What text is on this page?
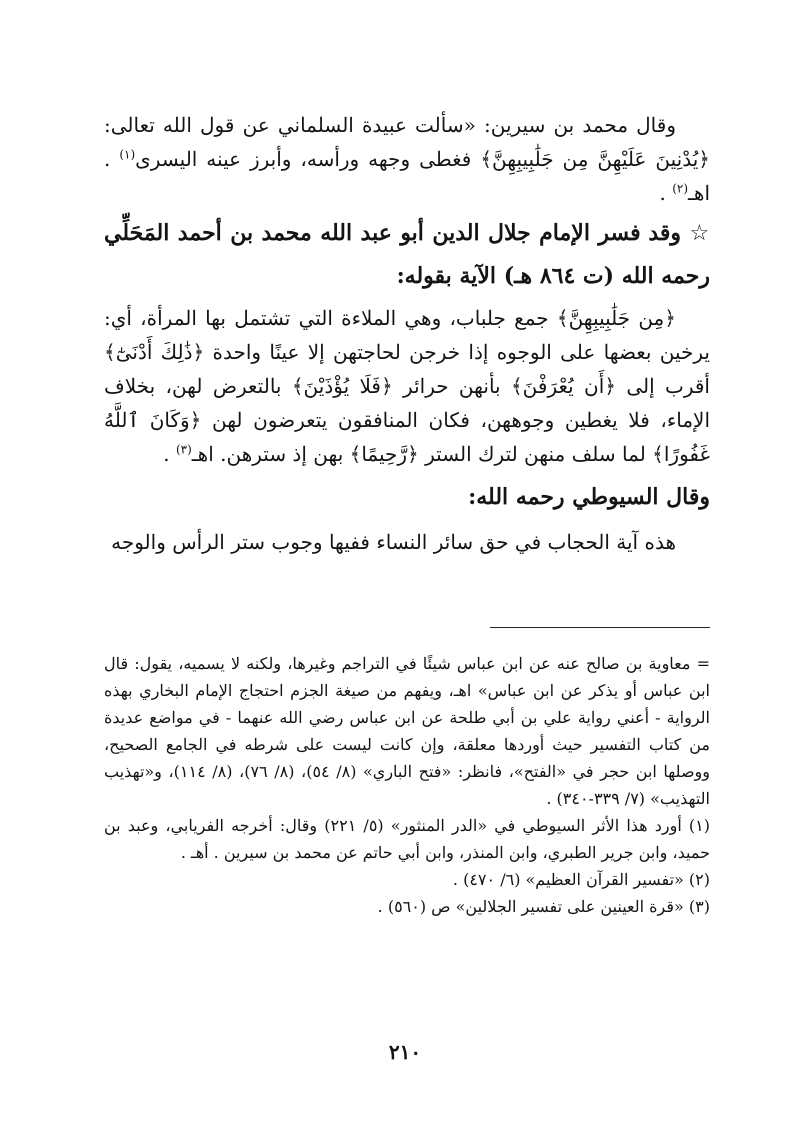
وقال محمد بن سيرين: «سألت عبيدة السلماني عن قول الله تعالى: ﴿يُدْنِينَ عَلَيْهِنَّ مِن جَلَٰبِيبِهِنَّ﴾ فغطى وجهه ورأسه، وأبرز عينه اليسرى$^{(١)}$ . اهـ$^{(٢)}$ .

☆ وقد فسر الإمام جلال الدين أبو عبد الله محمد بن أحمد المَحَلِّي رحمه الله (ت ٨٦٤ هـ) الآية بقوله:

﴿مِن جَلَٰبِيبِهِنَّ﴾ جمع جلباب، وهي الملاءة التي تشتمل بها المرأة، أي: يرخين بعضها على الوجوه إذا خرجن لحاجتهن إلا عينًا واحدة ﴿ذَٰلِكَ أَدْنَىٰٓ﴾ أقرب إلى ﴿أَن يُعْرَفْنَ﴾ بأنهن حرائر ﴿فَلَا يُؤْذَيْنَ﴾ بالتعرض لهن، بخلاف الإماء، فلا يغطين وجوههن، فكان المنافقون يتعرضون لهن ﴿وَكَانَ ٱللَّهُ غَفُورًا﴾ لما سلف منهن لترك الستر ﴿رَّحِيمًا﴾ بهن إذ سترهن. اهـ$^{(٣)}$ .

وقال السيوطي رحمه الله:

هذه آية الحجاب في حق سائر النساء ففيها وجوب ستر الرأس والوجه

= معاوية بن صالح عنه عن ابن عباس شيئًا في التراجم وغيرها، ولكنه لا يسميه، يقول: قال ابن عباس أو يذكر عن ابن عباس» اهـ، ويفهم من صيغة الجزم احتجاج الإمام البخاري بهذه الرواية - أعني رواية علي بن أبي طلحة عن ابن عباس رضي الله عنهما - في مواضع عديدة من كتاب التفسير حيث أوردها معلقة، وإن كانت ليست على شرطه في الجامع الصحيح، ووصلها ابن حجر في «الفتح»، فانظر: «فتح الباري» (٨/ ٥٤)، (٨/ ٧٦)، (٨/ ١١٤)، و«تهذيب التهذيب» (٧/ ٣٣٩-٣٤٠) .

(١) أورد هذا الأثر السيوطي في «الدر المنثور» (٥/ ٢٢١) وقال: أخرجه الفريابي، وعبد بن حميد، وابن جرير الطبري، وابن المنذر، وابن أبي حاتم عن محمد بن سيرين . أهـ .

(٢) «تفسير القرآن العظيم» (٦/ ٤٧٠) .

(٣) «قرة العينين على تفسير الجلالين» ص (٥٦٠) .

٢١٠
